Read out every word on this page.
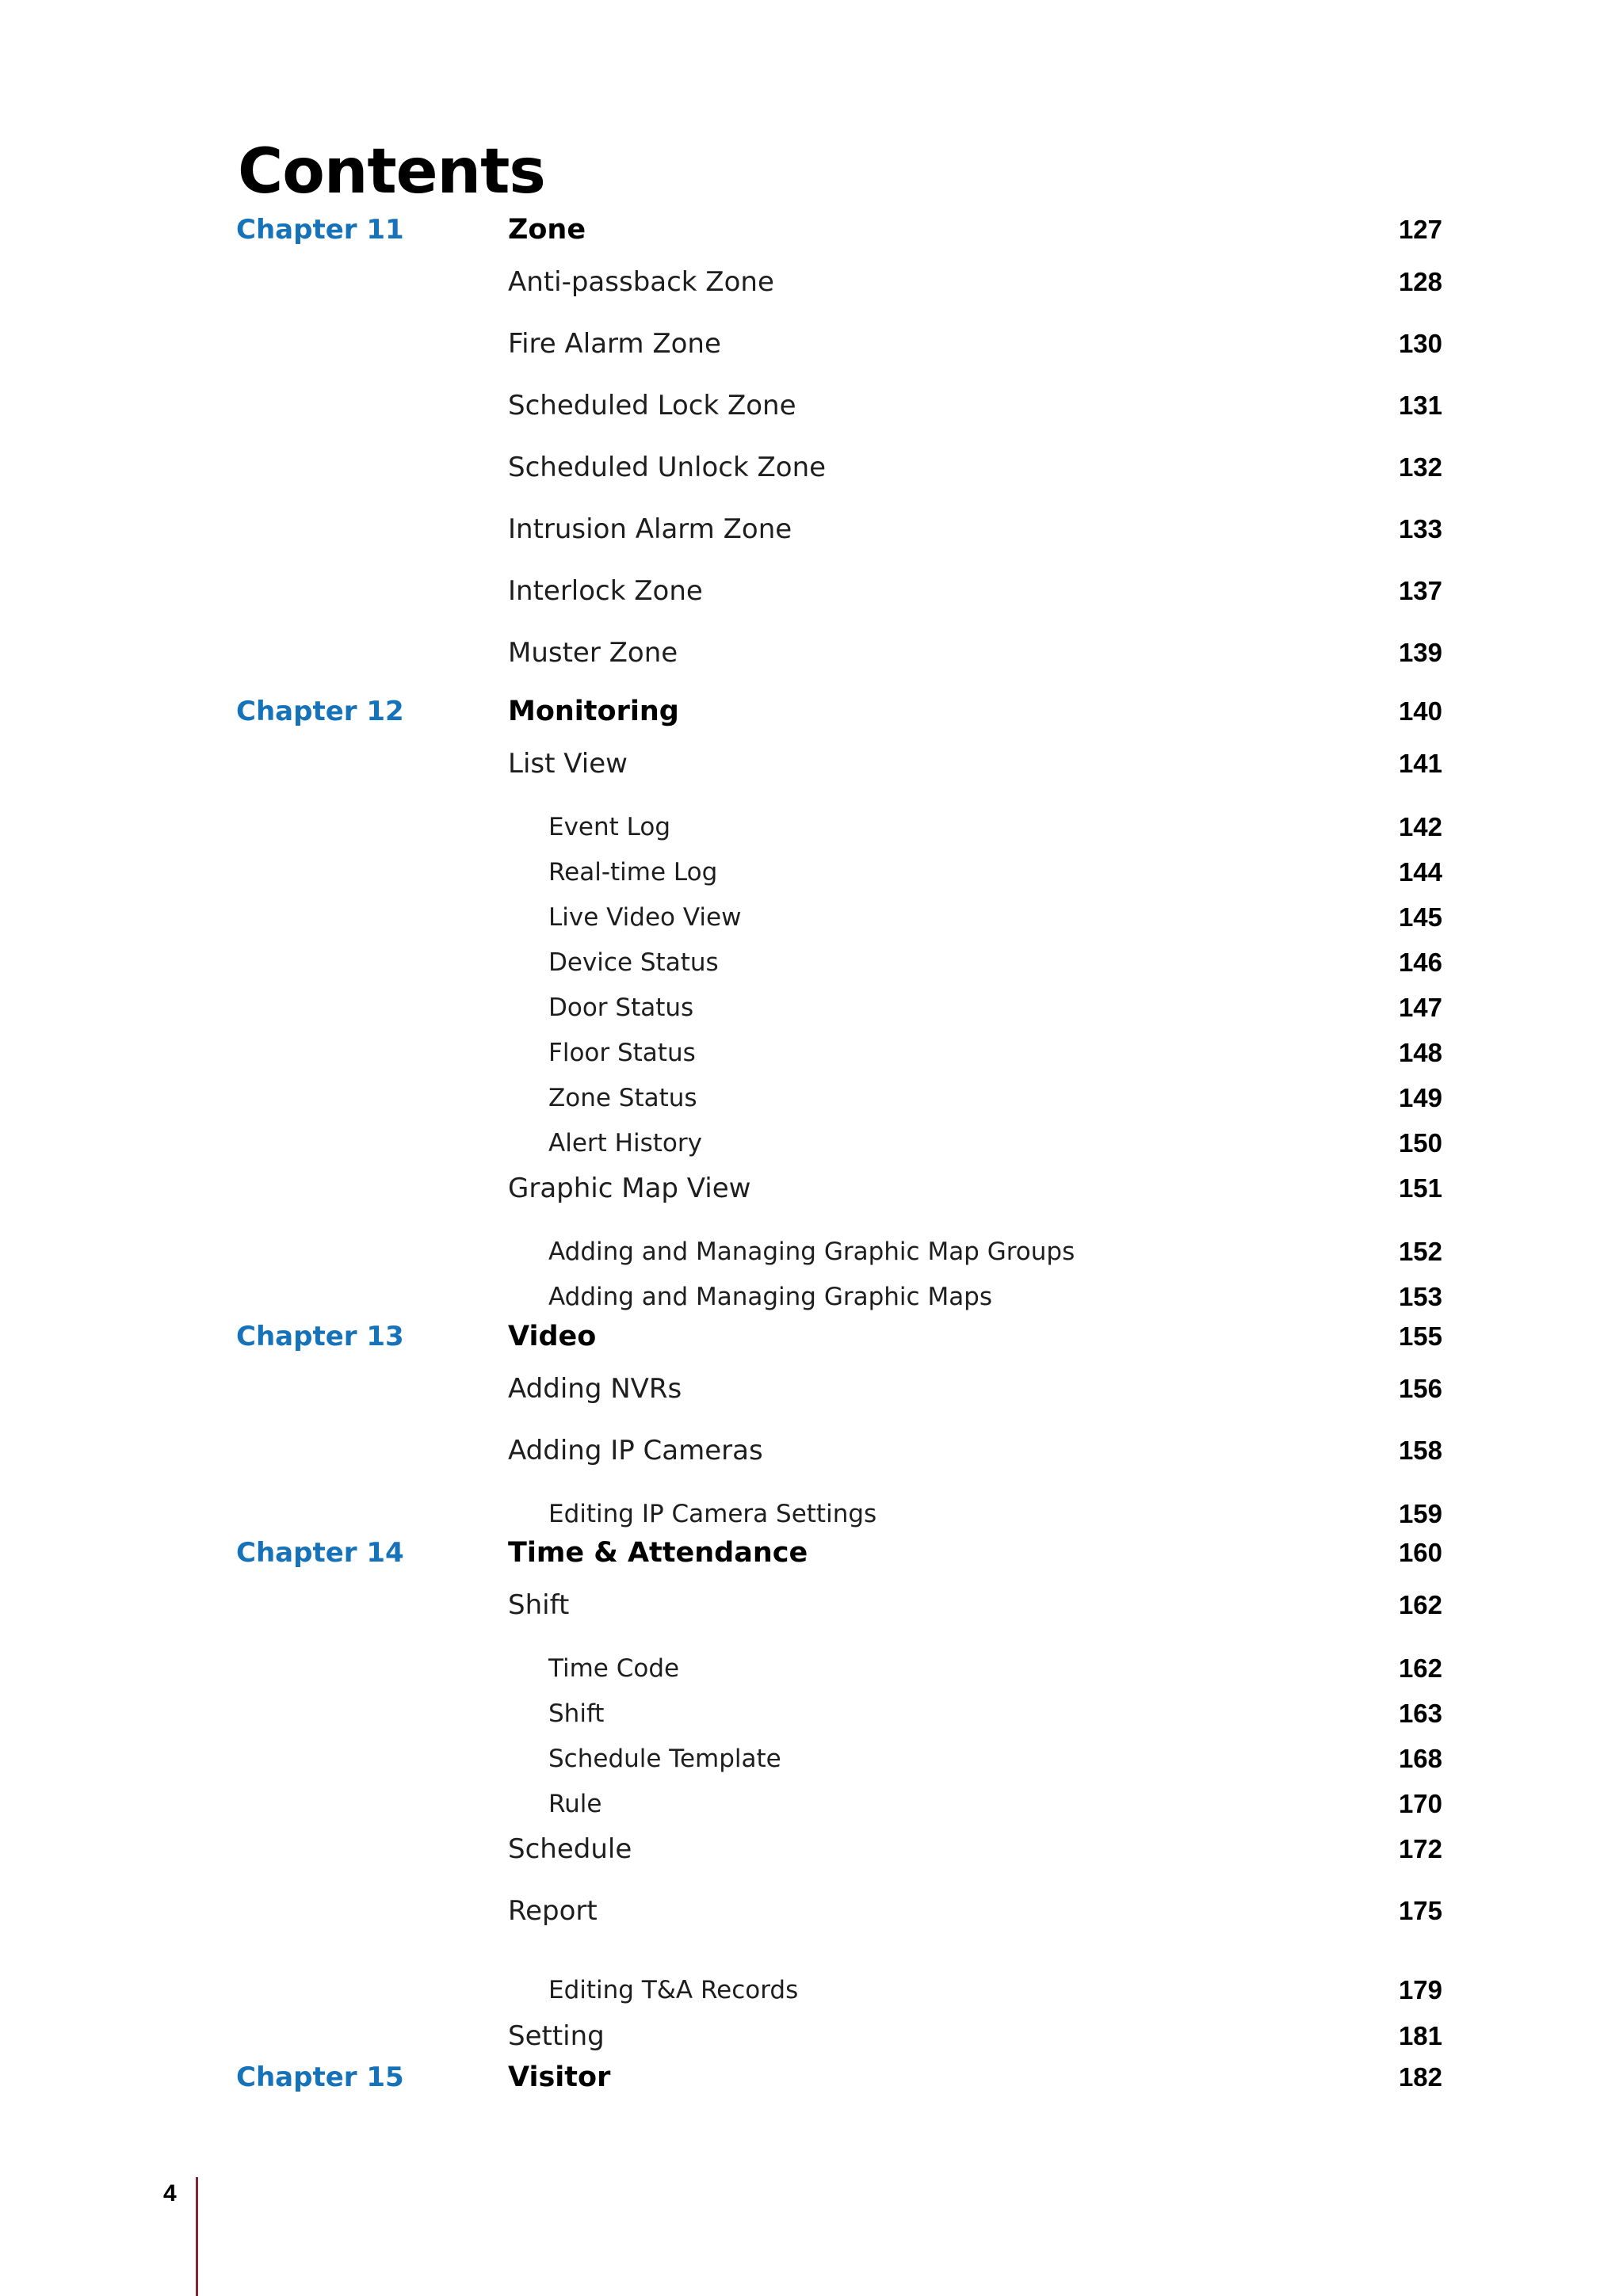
Contents
Chapter 11	Zone	127
Anti-passback Zone	128
Fire Alarm Zone	130
Scheduled Lock Zone	131
Scheduled Unlock Zone	132
Intrusion Alarm Zone	133
Interlock Zone	137
Muster Zone	139
Chapter 12	Monitoring	140
List View	141
Event Log	142
Real-time Log	144
Live Video View	145
Device Status	146
Door Status	147
Floor Status	148
Zone Status	149
Alert History	150
Graphic Map View	151
Adding and Managing Graphic Map Groups	152
Adding and Managing Graphic Maps	153
Chapter 13	Video	155
Adding NVRs	156
Adding IP Cameras	158
Editing IP Camera Settings	159
Chapter 14	Time & Attendance	160
Shift	162
Time Code	162
Shift	163
Schedule Template	168
Rule	170
Schedule	172
Report	175
Editing T&A Records	179
Setting	181
Chapter 15	Visitor	182
4
